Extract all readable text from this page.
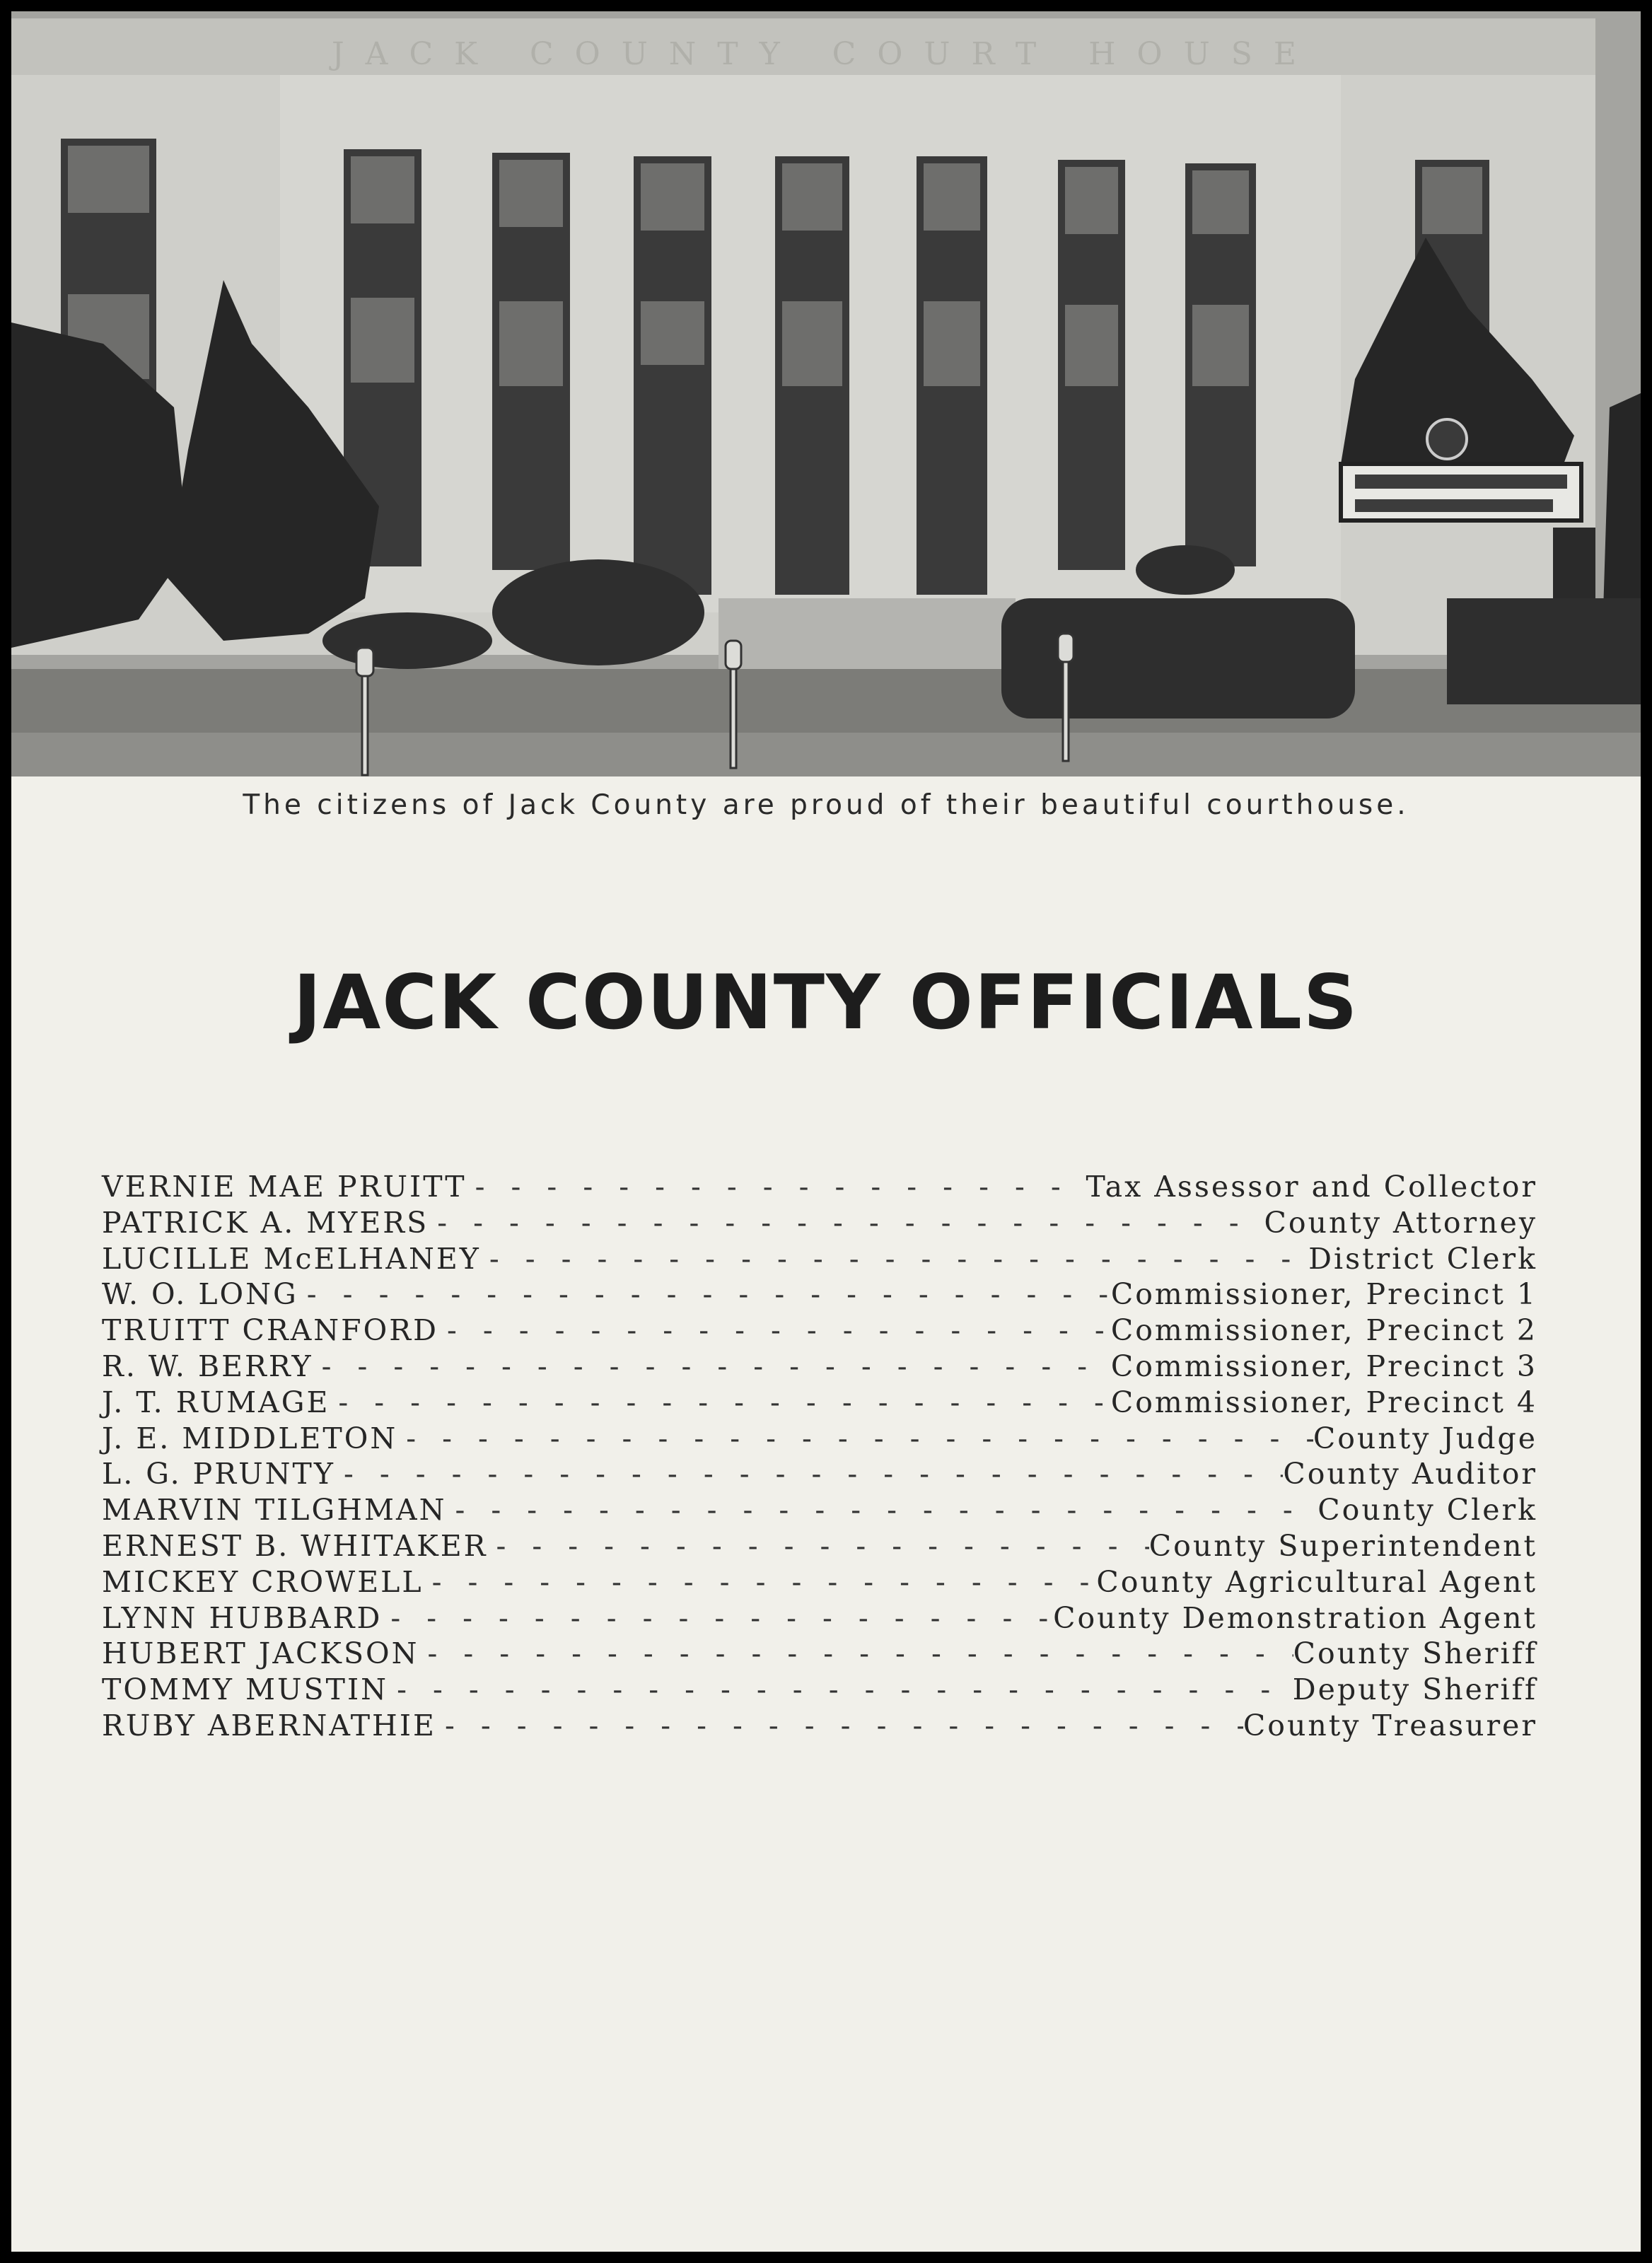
JACK COUNTY COURT HOUSE

The citizens of Jack County are proud of their beautiful courthouse.

JACK COUNTY OFFICIALS
VERNIE MAE PRUITT - - -	Tax Assessor and Collector
PATRICK A. MYERS - - -	County Attorney
LUCILLE McELHANEY - - -	District Clerk
W. O. LONG - - -	Commissioner, Precinct 1
TRUITT CRANFORD - - -	Commissioner, Precinct 2
R. W. BERRY - - -	Commissioner, Precinct 3
J. T. RUMAGE - - -	Commissioner, Precinct 4
J. E. MIDDLETON - - -	County Judge
L. G. PRUNTY - - -	County Auditor
MARVIN TILGHMAN - - -	County Clerk
ERNEST B. WHITAKER - - -	County Superintendent
MICKEY CROWELL - - -	County Agricultural Agent
LYNN HUBBARD - - -	County Demonstration Agent
HUBERT JACKSON - - -	County Sheriff
TOMMY MUSTIN - - -	Deputy Sheriff
RUBY ABERNATHIE - - -	County Treasurer
